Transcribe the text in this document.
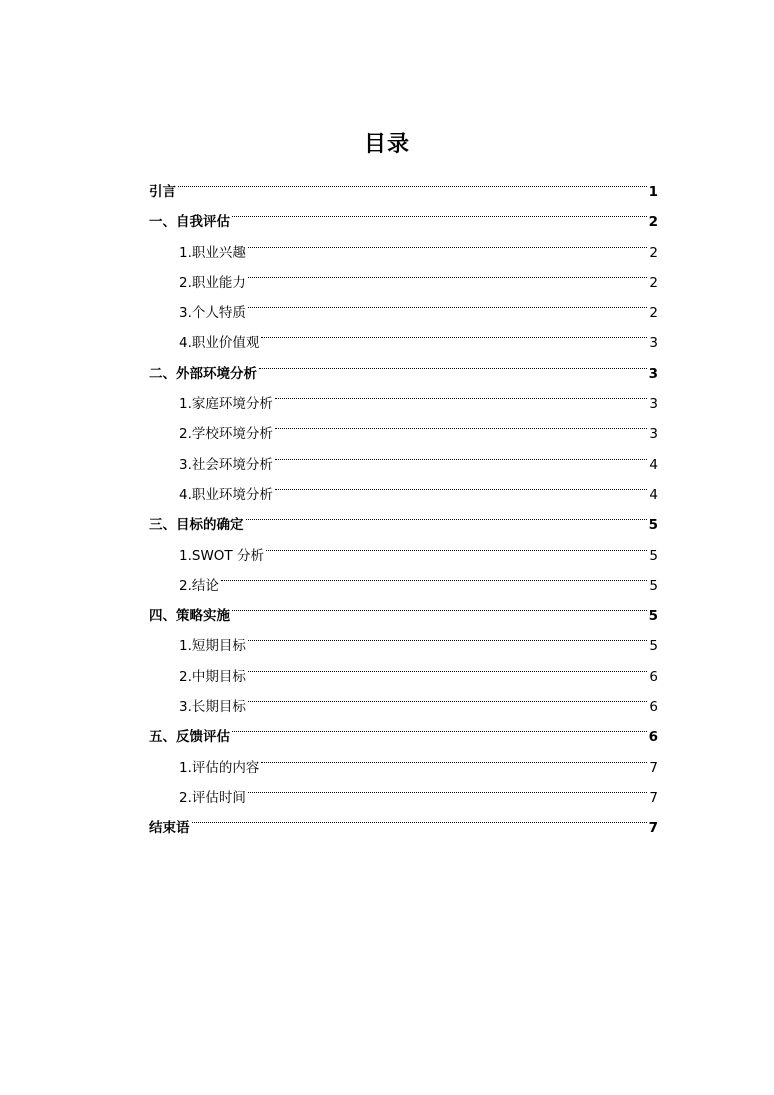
目录
引言	1
一、自我评估	2
1.职业兴趣	2
2.职业能力	2
3.个人特质	2
4.职业价值观	3
二、外部环境分析	3
1.家庭环境分析	3
2.学校环境分析	3
3.社会环境分析	4
4.职业环境分析	4
三、目标的确定	5
1.SWOT 分析	5
2.结论	5
四、策略实施	5
1.短期目标	5
2.中期目标	6
3.长期目标	6
五、反馈评估	6
1.评估的内容	7
2.评估时间	7
结束语	7
